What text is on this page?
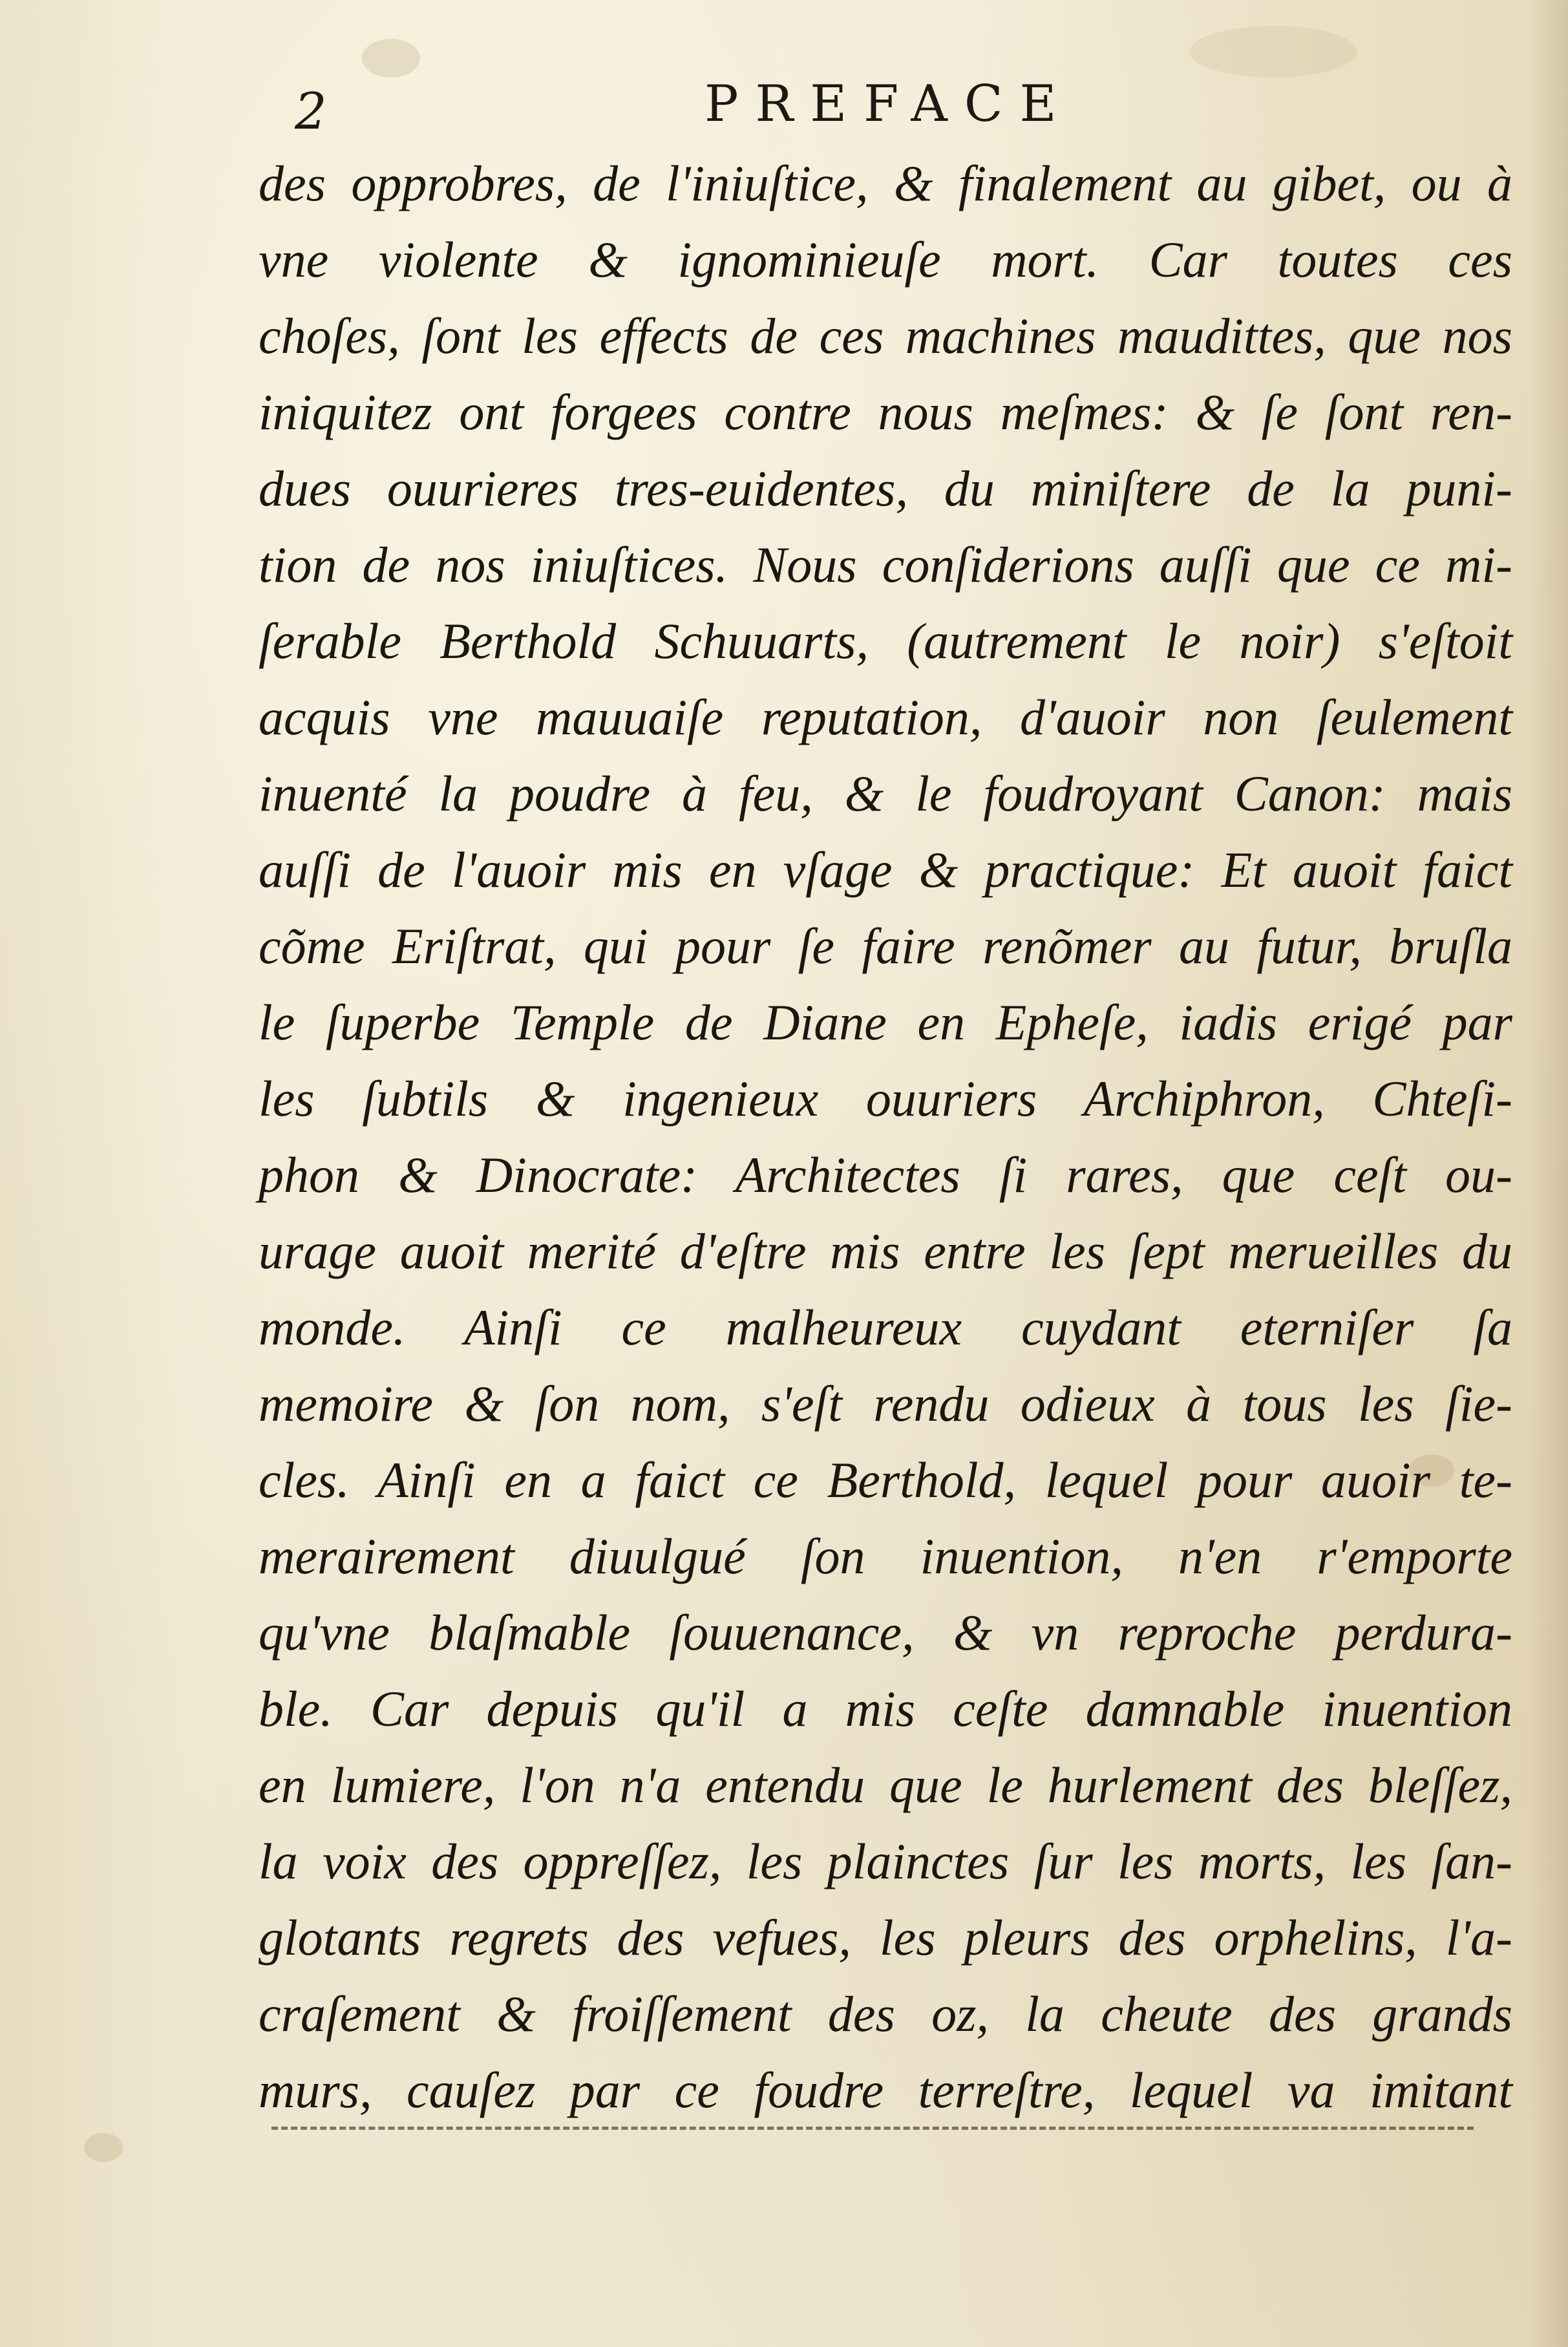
2	PREFACE
des opprobres, de l'iniuſtice, & finalement au gibet, ou à
vne violente & ignominieuſe mort. Car toutes ces
choſes, ſont les effects de ces machines maudittes, que nos
iniquitez ont forgees contre nous meſmes: & ſe ſont ren-
dues ouurieres tres-euidentes, du miniſtere de la puni-
tion de nos iniuſtices. Nous conſiderions auſſi que ce mi-
ſerable Berthold Schuuarts, (autrement le noir) s'eſtoit
acquis vne mauuaiſe reputation, d'auoir non ſeulement
inuenté la poudre à feu, & le foudroyant Canon: mais
auſſi de l'auoir mis en vſage & practique: Et auoit faict
cõme Eriſtrat, qui pour ſe faire renõmer au futur, bruſla
le ſuperbe Temple de Diane en Epheſe, iadis erigé par
les ſubtils & ingenieux ouuriers Archiphron, Chteſi-
phon & Dinocrate: Architectes ſi rares, que ceſt ou-
urage auoit merité d'eſtre mis entre les ſept merueilles du
monde. Ainſi ce malheureux cuydant eterniſer ſa
memoire & ſon nom, s'eſt rendu odieux à tous les ſie-
cles. Ainſi en a faict ce Berthold, lequel pour auoir te-
merairement diuulgué ſon inuention, n'en r'emporte
qu'vne blaſmable ſouuenance, & vn reproche perdura-
ble. Car depuis qu'il a mis ceſte damnable inuention
en lumiere, l'on n'a entendu que le hurlement des bleſſez,
la voix des oppreſſez, les plainctes ſur les morts, les ſan-
glotants regrets des vefues, les pleurs des orphelins, l'a-
craſement & froiſſement des oz, la cheute des grands
murs, cauſez par ce foudre terreſtre, lequel va imitant
